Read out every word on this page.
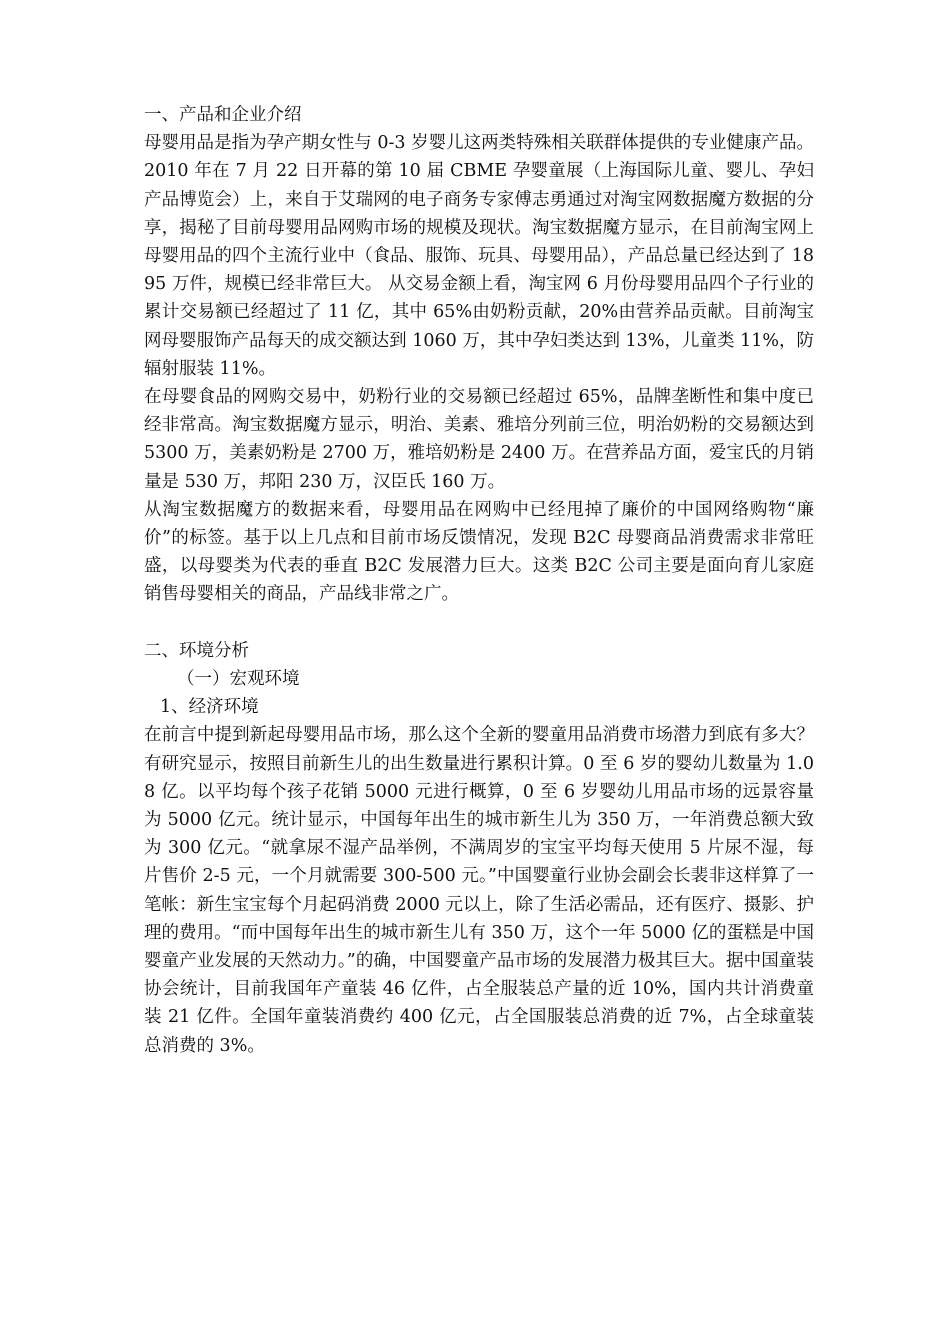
一、产品和企业介绍

母婴用品是指为孕产期女性与 0-3 岁婴儿这两类特殊相关联群体提供的专业健康产品。 2010 年在 7 月 22 日开幕的第 10 届 CBME 孕婴童展（上海国际儿童、婴儿、孕妇产品博览会）上，来自于艾瑞网的电子商务专家傅志勇通过对淘宝网数据魔方数据的分享，揭秘了目前母婴用品网购市场的规模及现状。淘宝数据魔方显示，在目前淘宝网上母婴用品的四个主流行业中（食品、服饰、玩具、母婴用品），产品总量已经达到了 1895 万件，规模已经非常巨大。 从交易金额上看，淘宝网 6 月份母婴用品四个子行业的累计交易额已经超过了 11 亿，其中 65%由奶粉贡献，20%由营养品贡献。目前淘宝网母婴服饰产品每天的成交额达到 1060 万，其中孕妇类达到 13%，儿童类 11%，防辐射服装 11%。

在母婴食品的网购交易中，奶粉行业的交易额已经超过 65%，品牌垄断性和集中度已经非常高。淘宝数据魔方显示，明治、美素、雅培分列前三位，明治奶粉的交易额达到 5300 万，美素奶粉是 2700 万，雅培奶粉是 2400 万。在营养品方面，爱宝氏的月销量是 530 万，邦阳 230 万，汉臣氏 160 万。

从淘宝数据魔方的数据来看，母婴用品在网购中已经甩掉了廉价的中国网络购物“廉价”的标签。基于以上几点和目前市场反馈情况，发现 B2C 母婴商品消费需求非常旺盛，以母婴类为代表的垂直 B2C 发展潜力巨大。这类 B2C 公司主要是面向育儿家庭销售母婴相关的商品，产品线非常之广。

二、环境分析
（一）宏观环境
1、经济环境

在前言中提到新起母婴用品市场，那么这个全新的婴童用品消费市场潜力到底有多大？有研究显示，按照目前新生儿的出生数量进行累积计算。0 至 6 岁的婴幼儿数量为 1.08 亿。以平均每个孩子花销 5000 元进行概算，0 至 6 岁婴幼儿用品市场的远景容量为 5000 亿元。统计显示，中国每年出生的城市新生儿为 350 万，一年消费总额大致为 300 亿元。“就拿尿不湿产品举例，不满周岁的宝宝平均每天使用 5 片尿不湿，每片售价 2-5 元，一个月就需要 300-500 元。”中国婴童行业协会副会长裴非这样算了一笔帐：新生宝宝每个月起码消费 2000 元以上，除了生活必需品，还有医疗、摄影、护理的费用。“而中国每年出生的城市新生儿有 350 万，这个一年 5000 亿的蛋糕是中国婴童产业发展的天然动力。”的确，中国婴童产品市场的发展潜力极其巨大。据中国童装协会统计，目前我国年产童装 46 亿件，占全服装总产量的近 10%，国内共计消费童装 21 亿件。全国年童装消费约 400 亿元，占全国服装总消费的近 7%，占全球童装总消费的 3%。
